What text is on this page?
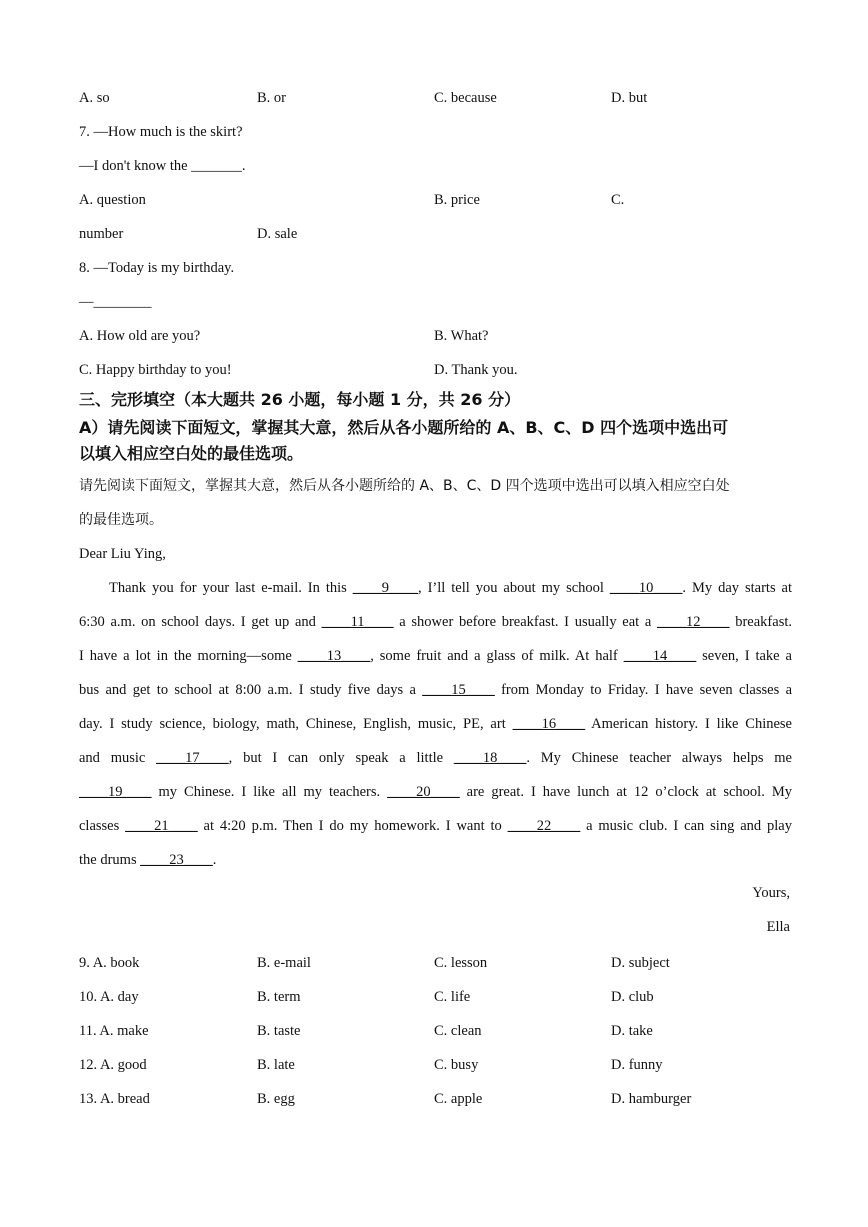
A. so	B. or	C. because	D. but
7. —How much is the skirt?
—I don't know the _______.
A. question	B. price	C.
number	D. sale
8. —Today is my birthday.
—________
A. How old are you?	B. What?
C. Happy birthday to you!	D. Thank you.
三、完形填空（本大题共 26 小题，每小题 1 分，共 26 分）
A）请先阅读下面短文，掌握其大意，然后从各小题所给的 A、B、C、D 四个选项中选出可
以填入相应空白处的最佳选项。
请先阅读下面短文，掌握其大意，然后从各小题所给的 A、B、C、D 四个选项中选出可以填入相应空白处
的最佳选项。
Dear Liu Ying,
Thank you for your last e-mail. In this ____9____, I’ll tell you about my school ____10____. My day starts at
6:30 a.m. on school days. I get up and ____11____ a shower before breakfast. I usually eat a ____12____ breakfast.
I have a lot in the morning—some ____13____, some fruit and a glass of milk. At half ____14____ seven, I take a
bus and get to school at 8:00 a.m. I study five days a ____15____ from Monday to Friday. I have seven classes a
day. I study science, biology, math, Chinese, English, music, PE, art ____16____ American history. I like Chinese
and music ____17____, but I can only speak a little ____18____. My Chinese teacher always helps me
____19____ my Chinese. I like all my teachers. ____20____ are great. I have lunch at 12 o’clock at school. My
classes ____21____ at 4:20 p.m. Then I do my homework. I want to ____22____ a music club. I can sing and play
the drums ____23____.
Yours,
Ella
9. A. book	B. e-mail	C. lesson	D. subject
10. A. day	B. term	C. life	D. club
11. A. make	B. taste	C. clean	D. take
12. A. good	B. late	C. busy	D. funny
13. A. bread	B. egg	C. apple	D. hamburger
